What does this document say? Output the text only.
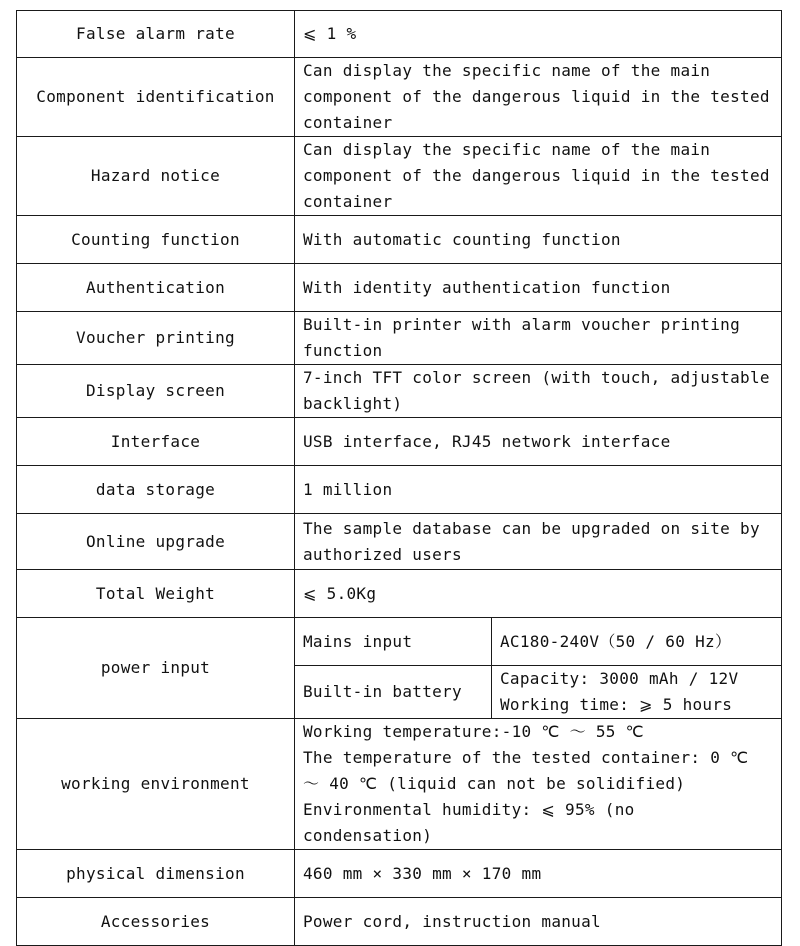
False alarm rate	⩽ 1 %	
Component identification	Can display the specific name of the main component of the dangerous liquid in the tested container	
Hazard notice	Can display the specific name of the main component of the dangerous liquid in the tested container	
Counting function	With automatic counting function	
Authentication	With identity authentication function	
Voucher printing	Built-in printer with alarm voucher printing function	
Display screen	7-inch TFT color screen (with touch, adjustable backlight)	
Interface	USB interface, RJ45 network interface	
data storage	1 million	
Online upgrade	The sample database can be upgraded on site by authorized users	
Total Weight	⩽ 5.0Kg	
power input	Mains input	AC180-240V（50 / 60 Hz）
	Built-in battery	Capacity: 3000 mAh / 12V
Working time: ⩾ 5 hours

working environment	Working temperature:-10 ℃ ～ 55 ℃
The temperature of the tested container: 0 ℃ ～ 40 ℃ (liquid can not be solidified)
Environmental humidity: ⩽ 95% (no condensation)	

physical dimension	460 mm × 330 mm × 170 mm	
Accessories	Power cord, instruction manual	
